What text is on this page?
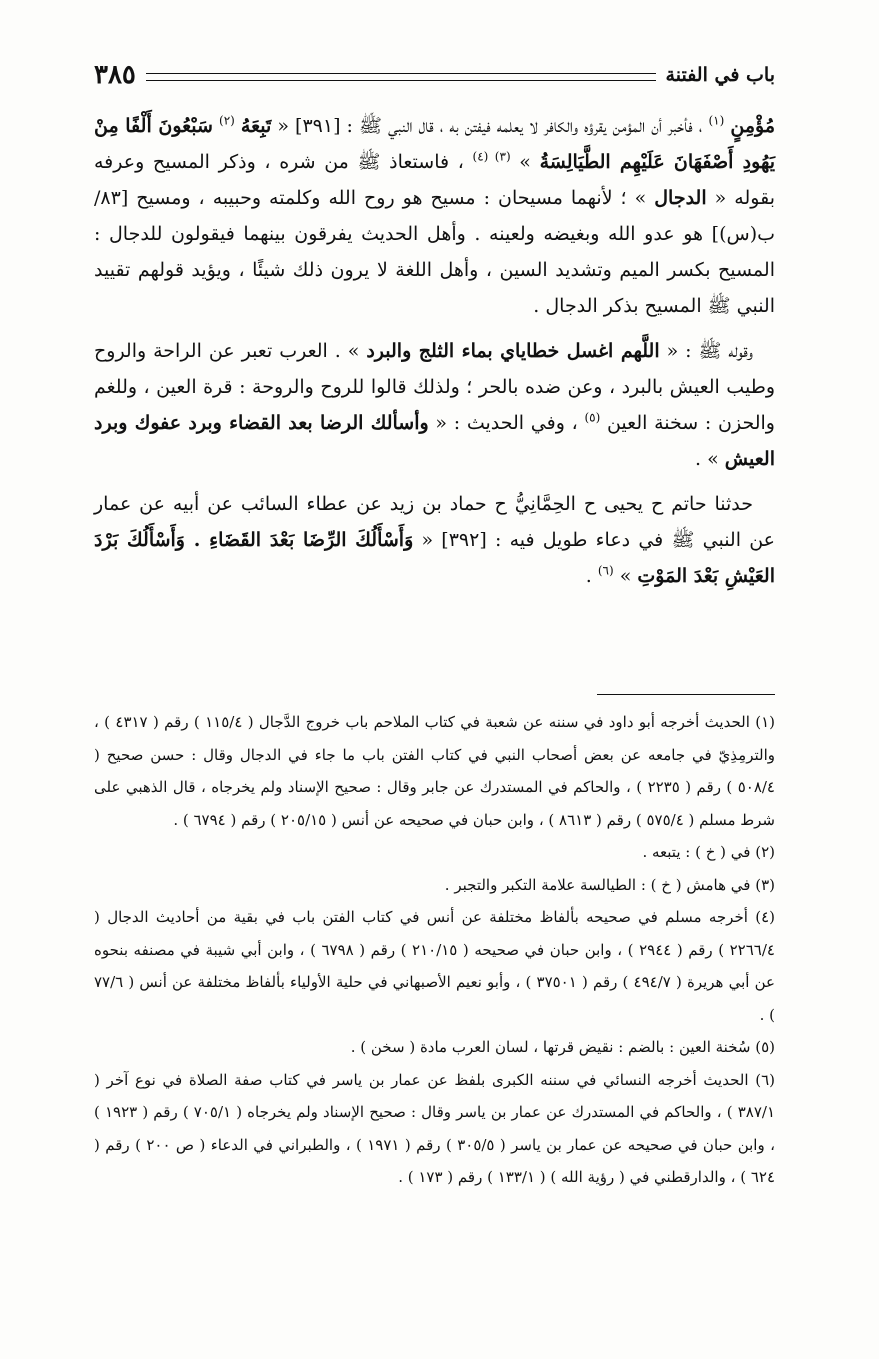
باب في الفتنة
٣٨٥

مُؤْمِنٍ $^{(١)}$ ، فأخبر أن المؤمن يقرؤه والكافر لا يعلمه فيفتن به ، قال النبي ﷺ : [٣٩١] « تَبِعَهُ $^{(٢)}$ سَبْعُونَ أَلْفًا مِنْ يَهُودِ أَصْفَهَانَ عَلَيْهِم الطَّيَالِسَةُ » $^{(٣) (٤)}$ ، فاستعاذ ﷺ من شره ، وذكر المسيح وعرفه بقوله « الدجال » ؛ لأنهما مسيحان : مسيح هو روح الله وكلمته وحبيبه ، ومسيح [٨٣/ب(س)] هو عدو الله وبغيضه ولعينه . وأهل الحديث يفرقون بينهما فيقولون للدجال : المسيح بكسر الميم وتشديد السين ، وأهل اللغة لا يرون ذلك شيئًا ، ويؤيد قولهم تقييد النبي ﷺ المسيح بذكر الدجال .

وقوله ﷺ : « اللَّهم اغسل خطاياي بماء الثلج والبرد » . العرب تعبر عن الراحة والروح وطيب العيش بالبرد ، وعن ضده بالحر ؛ ولذلك قالوا للروح والروحة : قرة العين ، وللغم والحزن : سخنة العين $^{(٥)}$ ، وفي الحديث : « وأسألك الرضا بعد القضاء وبرد عفوك وبرد العيش » .

حدثنا حاتم ح يحيى ح الحِمَّانِيُّ ح حماد بن زيد عن عطاء السائب عن أبيه عن عمار عن النبي ﷺ في دعاء طويل فيه : [٣٩٢] « وَأَسْأَلُكَ الرِّضَا بَعْدَ القَضَاءِ . وَأَسْأَلُكَ بَرْدَ العَيْشِ بَعْدَ المَوْتِ » $^{(٦)}$ .

(١) الحديث أخرجه أبو داود في سننه عن شعبة في كتاب الملاحم باب خروج الدَّجال ( ١١٥/٤ ) رقم ( ٤٣١٧ ) ، والترمِذِيّ في جامعه عن بعض أصحاب النبي في كتاب الفتن باب ما جاء في الدجال وقال : حسن صحيح ( ٥٠٨/٤ ) رقم ( ٢٢٣٥ ) ، والحاكم في المستدرك عن جابر وقال : صحيح الإسناد ولم يخرجاه ، قال الذهبي على شرط مسلم ( ٥٧٥/٤ ) رقم ( ٨٦١٣ ) ، وابن حبان في صحيحه عن أنس ( ٢٠٥/١٥ ) رقم ( ٦٧٩٤ ) .

(٢) في ( خ ) : يتبعه .

(٣) في هامش ( خ ) : الطيالسة علامة التكبر والتجبر .

(٤) أخرجه مسلم في صحيحه بألفاظ مختلفة عن أنس في كتاب الفتن باب في بقية من أحاديث الدجال ( ٢٢٦٦/٤ ) رقم ( ٢٩٤٤ ) ، وابن حبان في صحيحه ( ٢١٠/١٥ ) رقم ( ٦٧٩٨ ) ، وابن أبي شيبة في مصنفه بنحوه عن أبي هريرة ( ٤٩٤/٧ ) رقم ( ٣٧٥٠١ ) ، وأبو نعيم الأصبهاني في حلية الأولياء بألفاظ مختلفة عن أنس ( ٧٧/٦ ) .

(٥) سُخنة العين : بالضم : نقيض قرتها ، لسان العرب مادة ( سخن ) .

(٦) الحديث أخرجه النسائي في سننه الكبرى بلفظ عن عمار بن ياسر في كتاب صفة الصلاة في نوع آخر ( ٣٨٧/١ ) ، والحاكم في المستدرك عن عمار بن ياسر وقال : صحيح الإسناد ولم يخرجاه ( ٧٠٥/١ ) رقم ( ١٩٢٣ ) ، وابن حبان في صحيحه عن عمار بن ياسر ( ٣٠٥/٥ ) رقم ( ١٩٧١ ) ، والطبراني في الدعاء ( ص ٢٠٠ ) رقم ( ٦٢٤ ) ، والدارقطني في ( رؤية الله ) ( ١٣٣/١ ) رقم ( ١٧٣ ) .
